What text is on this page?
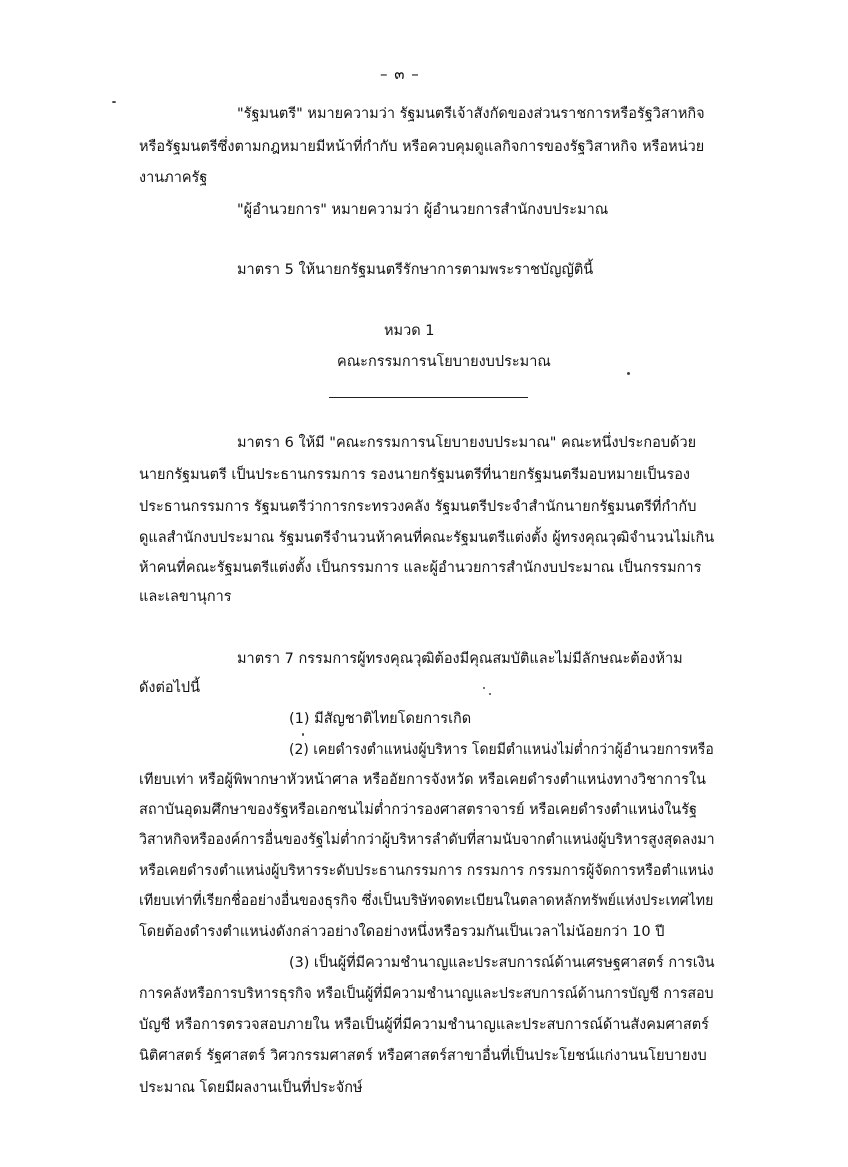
– ๓ –
"รัฐมนตรี" หมายความว่า รัฐมนตรีเจ้าสังกัดของส่วนราชการหรือรัฐวิสาหกิจ
หรือรัฐมนตรีซึ่งตามกฎหมายมีหน้าที่กำกับ หรือควบคุมดูแลกิจการของรัฐวิสาหกิจ หรือหน่วย
งานภาครัฐ
"ผู้อำนวยการ" หมายความว่า ผู้อำนวยการสำนักงบประมาณ
มาตรา 5 ให้นายกรัฐมนตรีรักษาการตามพระราชบัญญัตินี้
หมวด 1
คณะกรรมการนโยบายงบประมาณ
มาตรา 6 ให้มี "คณะกรรมการนโยบายงบประมาณ" คณะหนึ่งประกอบด้วย
นายกรัฐมนตรี เป็นประธานกรรมการ รองนายกรัฐมนตรีที่นายกรัฐมนตรีมอบหมายเป็นรอง
ประธานกรรมการ รัฐมนตรีว่าการกระทรวงคลัง รัฐมนตรีประจำสำนักนายกรัฐมนตรีที่กำกับ
ดูแลสำนักงบประมาณ รัฐมนตรีจำนวนห้าคนที่คณะรัฐมนตรีแต่งตั้ง ผู้ทรงคุณวุฒิจำนวนไม่เกิน
ห้าคนที่คณะรัฐมนตรีแต่งตั้ง เป็นกรรมการ และผู้อำนวยการสำนักงบประมาณ เป็นกรรมการ
และเลขานุการ
มาตรา 7 กรรมการผู้ทรงคุณวุฒิต้องมีคุณสมบัติและไม่มีลักษณะต้องห้าม
ดังต่อไปนี้
(1) มีสัญชาติไทยโดยการเกิด
(2) เคยดำรงตำแหน่งผู้บริหาร โดยมีตำแหน่งไม่ต่ำกว่าผู้อำนวยการหรือ
เทียบเท่า หรือผู้พิพากษาหัวหน้าศาล หรืออัยการจังหวัด หรือเคยดำรงตำแหน่งทางวิชาการใน
สถาบันอุดมศึกษาของรัฐหรือเอกชนไม่ต่ำกว่ารองศาสตราจารย์ หรือเคยดำรงตำแหน่งในรัฐ
วิสาหกิจหรือองค์การอื่นของรัฐไม่ต่ำกว่าผู้บริหารลำดับที่สามนับจากตำแหน่งผู้บริหารสูงสุดลงมา
หรือเคยดำรงตำแหน่งผู้บริหารระดับประธานกรรมการ กรรมการ กรรมการผู้จัดการหรือตำแหน่ง
เทียบเท่าที่เรียกชื่ออย่างอื่นของธุรกิจ ซึ่งเป็นบริษัทจดทะเบียนในตลาดหลักทรัพย์แห่งประเทศไทย
โดยต้องดำรงตำแหน่งดังกล่าวอย่างใดอย่างหนึ่งหรือรวมกันเป็นเวลาไม่น้อยกว่า 10 ปี
(3) เป็นผู้ที่มีความชำนาญและประสบการณ์ด้านเศรษฐศาสตร์ การเงิน
การคลังหรือการบริหารธุรกิจ หรือเป็นผู้ที่มีความชำนาญและประสบการณ์ด้านการบัญชี การสอบ
บัญชี หรือการตรวจสอบภายใน หรือเป็นผู้ที่มีความชำนาญและประสบการณ์ด้านสังคมศาสตร์
นิติศาสตร์ รัฐศาสตร์ วิศวกรรมศาสตร์ หรือศาสตร์สาขาอื่นที่เป็นประโยชน์แก่งานนโยบายงบ
ประมาณ โดยมีผลงานเป็นที่ประจักษ์
